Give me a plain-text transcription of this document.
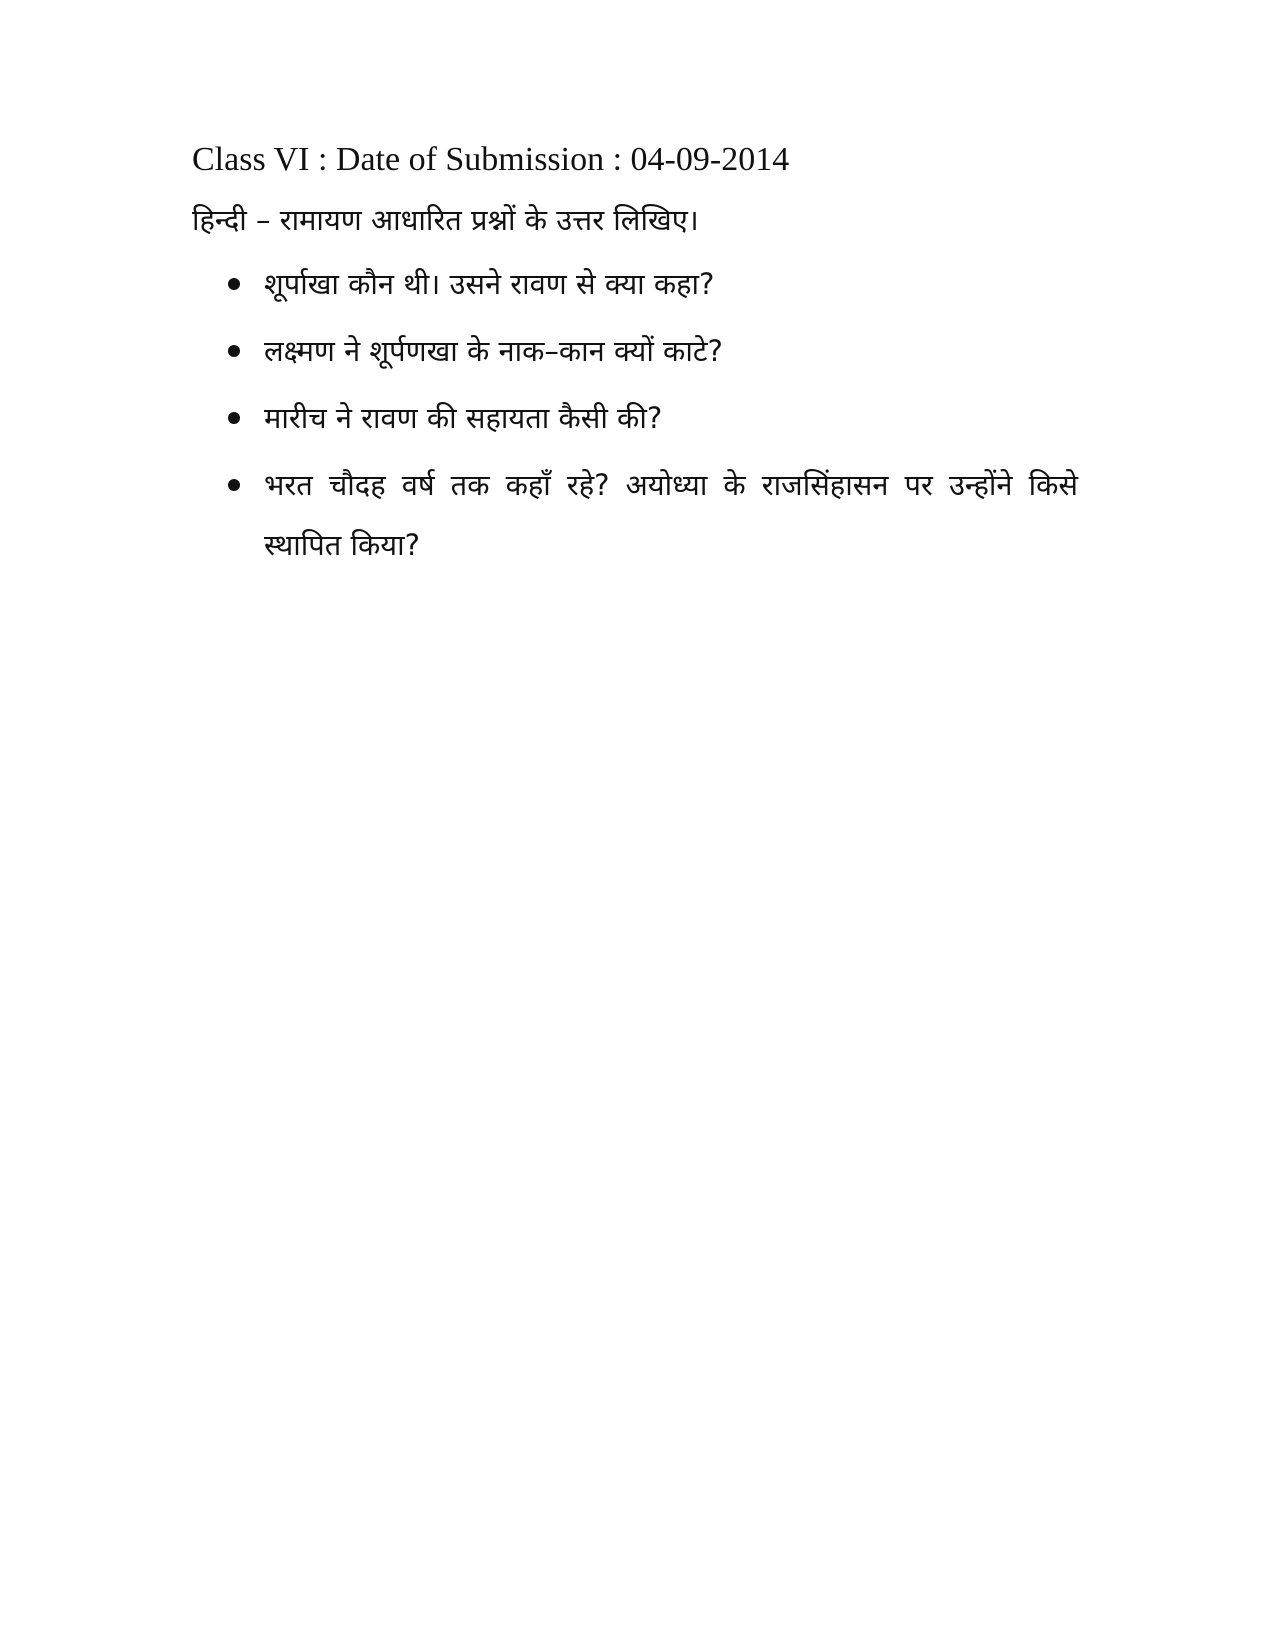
Class VI : Date of Submission : 04-09-2014
हिन्दी – रामायण आधारित प्रश्नों के उत्तर लिखिए।
शूर्पाखा कौन थी। उसने रावण से क्या कहा?
लक्ष्मण ने शूर्पणखा के नाक–कान क्यों काटे?
मारीच ने रावण की सहायता कैसी की?
भरत चौदह वर्ष तक कहाँ रहे? अयोध्या के राजसिंहासन पर उन्होंने किसे स्थापित किया?
